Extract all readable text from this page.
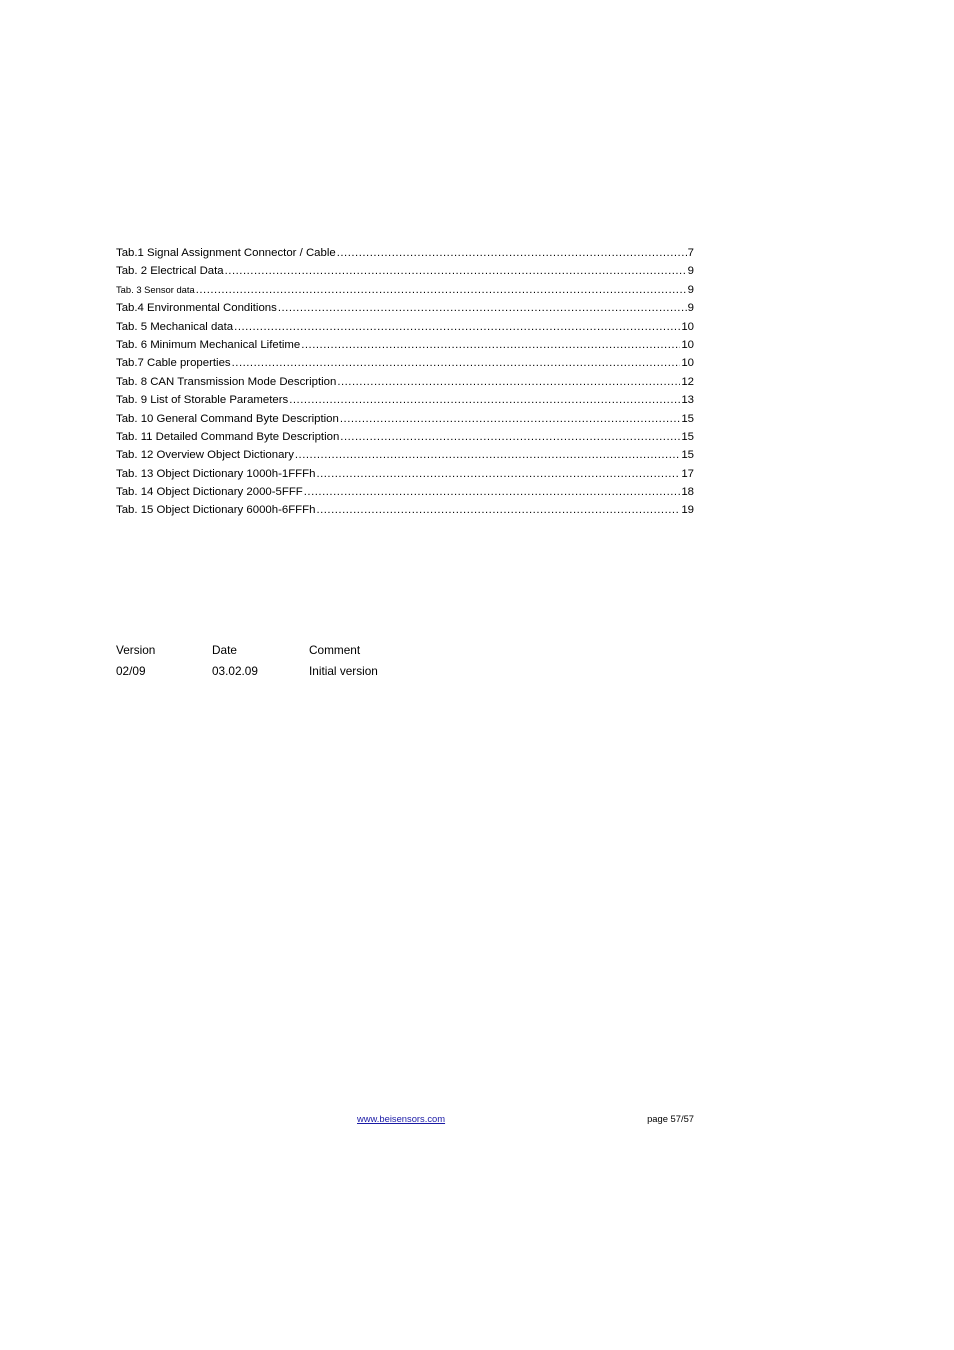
Tab.1 Signal Assignment Connector / Cable .....	7
Tab. 2 Electrical Data .....	9
Tab. 3 Sensor data .....	9
Tab.4 Environmental Conditions .....	9
Tab. 5 Mechanical data .....	10
Tab. 6 Minimum Mechanical Lifetime .....	10
Tab.7 Cable properties .....	10
Tab. 8 CAN Transmission Mode Description .....	12
Tab. 9 List of Storable Parameters .....	13
Tab. 10 General Command Byte Description .....	15
Tab. 11 Detailed Command Byte Description .....	15
Tab. 12 Overview Object Dictionary .....	15
Tab. 13 Object Dictionary 1000h-1FFFh .....	17
Tab. 14 Object Dictionary 2000-5FFF .....	18
Tab. 15 Object Dictionary 6000h-6FFFh .....	19
Version	Date	Comment
02/09	03.02.09	Initial version
www.beisensors.com	page 57/57
